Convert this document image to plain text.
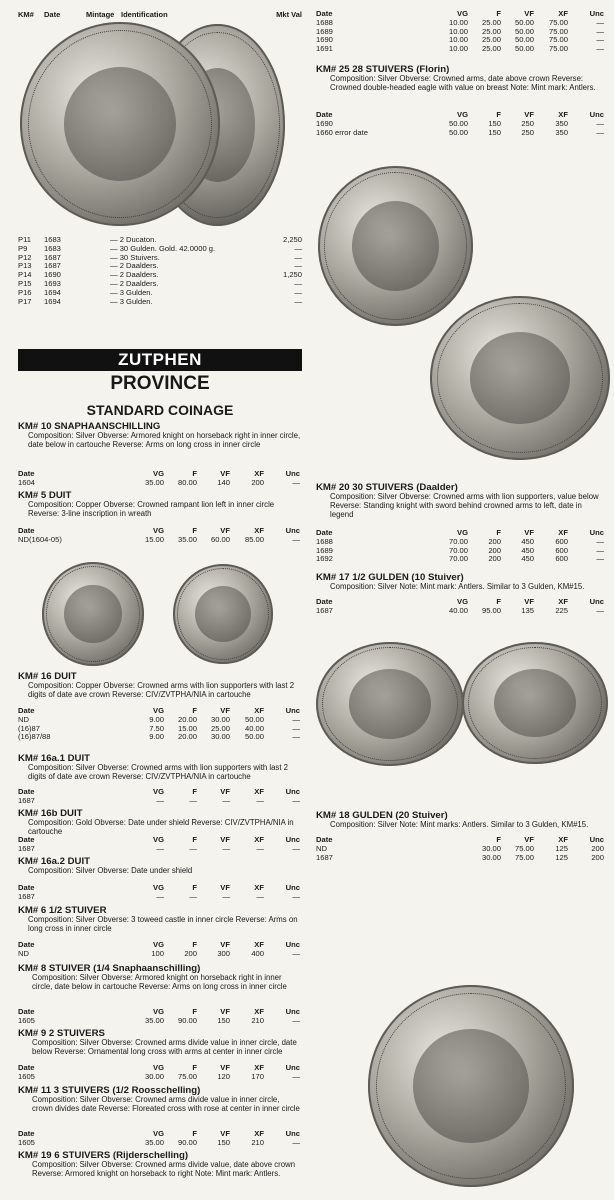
KM# Date	Mintage Identification	Mkt Val
P11 1683	— 2 Ducaton.	2,250
P9 1683	— 30 Gulden. Gold. 42.0000 g.	—
P12 1687	— 30 Stuivers.	—
P13 1687	— 2 Daalders.	—
P14 1690	— 2 Daalders.	1,250
P15 1693	— 2 Daalders.	—
P16 1694	— 3 Gulden.	—
P17 1694	— 3 Gulden.	—
ZUTPHEN
PROVINCE
STANDARD COINAGE
KM# 10 SNAPHAANSCHILLING
Composition: Silver Obverse: Armored knight on horseback right in inner circle, date below in cartouche Reverse: Arms on long cross in inner circle
Date	VG	F	VF	XF	Unc
1604	35.00 80.00	140	200	—
KM# 5 DUIT
Composition: Copper Obverse: Crowned rampant lion left in inner circle Reverse: 3-line inscription in wreath
Date	VG	F	VF	XF	Unc
ND(1604-05)	15.00 35.00 60.00 85.00	—
KM# 16 DUIT
Composition: Copper Obverse: Crowned arms with lion supporters with last 2 digits of date ave crown Reverse: CIV/ZVTPHA/NIA in cartouche
Date	VG	F	VF	XF	Unc
ND	9.00 20.00 30.00 50.00	—
(16)87	7.50 15.00 25.00 40.00	—
(16)87/88	9.00 20.00 30.00 50.00	—
KM# 16a.1 DUIT
Composition: Silver Obverse: Crowned arms with lion supporters with last 2 digits of date ave crown Reverse: CIV/ZVTPHA/NIA in cartouche
Date	VG	F	VF	XF	Unc
1687	—	—	—	—	—
KM# 16b DUIT
Composition: Gold Obverse: Date under shield Reverse: CIV/ZVTPHA/NIA in cartouche
Date	VG	F	VF	XF	Unc
1687	—	—	—	—	—
KM# 16a.2 DUIT
Composition: Silver Obverse: Date under shield
Date	VG	F	VF	XF	Unc
1687	—	—	—	—	—
KM# 6 1/2 STUIVER
Composition: Silver Obverse: 3 toweed castle in inner circle Reverse: Arms on long cross in inner circle
Date	VG	F	VF	XF	Unc
ND	100	200	300	400	—
KM# 8 STUIVER (1/4 Snaphaanschilling)
Composition: Silver Obverse: Armored knight on horseback right in inner circle, date below in cartouche Reverse: Arms on long cross in inner circle
Date	VG	F	VF	XF	Unc
1605	35.00 90.00	150	210	—
KM# 9 2 STUIVERS
Composition: Silver Obverse: Crowned arms divide value in inner circle, date below Reverse: Ornamental long cross with arms at center in inner circle
Date	VG	F	VF	XF	Unc
1605	30.00 75.00	120	170	—
KM# 11 3 STUIVERS (1/2 Roosschelling)
Composition: Silver Obverse: Crowned arms divide value in inner circle, crown divides date Reverse: Floreated cross with rose at center in inner circle
Date	VG	F	VF	XF	Unc
1605	35.00 90.00	150	210	—
KM# 19 6 STUIVERS (Rijderschelling)
Composition: Silver Obverse: Crowned arms divide value, date above crown Reverse: Armored knight on horseback to right Note: Mint mark: Antlers.
Date	VG	F	VF	XF	Unc
1688	10.00 25.00 50.00 75.00	—
1689	10.00 25.00 50.00 75.00	—
1690	10.00 25.00 50.00 75.00	—
1691	10.00 25.00 50.00 75.00	—
KM# 25 28 STUIVERS (Florin)
Composition: Silver Obverse: Crowned arms, date above crown Reverse: Crowned double-headed eagle with value on breast Note: Mint mark: Antlers.
Date	VG	F	VF	XF	Unc
1690	50.00	150	250	350	—
1660 error date	50.00	150	250	350	—
KM# 20 30 STUIVERS (Daalder)
Composition: Silver Obverse: Crowned arms with lion supporters, value below Reverse: Standing knight with sword behind crowned arms to left, date in legend
Date	VG	F	VF	XF	Unc
1688	70.00	200	450	600	—
1689	70.00	200	450	600	—
1692	70.00	200	450	600	—
KM# 17 1/2 GULDEN (10 Stuiver)
Composition: Silver Note: Mint mark: Antlers. Similar to 3 Gulden, KM#15.
Date	VG	F	VF	XF	Unc
1687	40.00 95.00	135	225	—
KM# 18 GULDEN (20 Stuiver)
Composition: Silver Note: Mint marks: Antlers. Similar to 3 Gulden, KM#15.
Date	F	VF	XF	Unc
ND	30.00 75.00	125	200
1687	30.00 75.00	125	200
